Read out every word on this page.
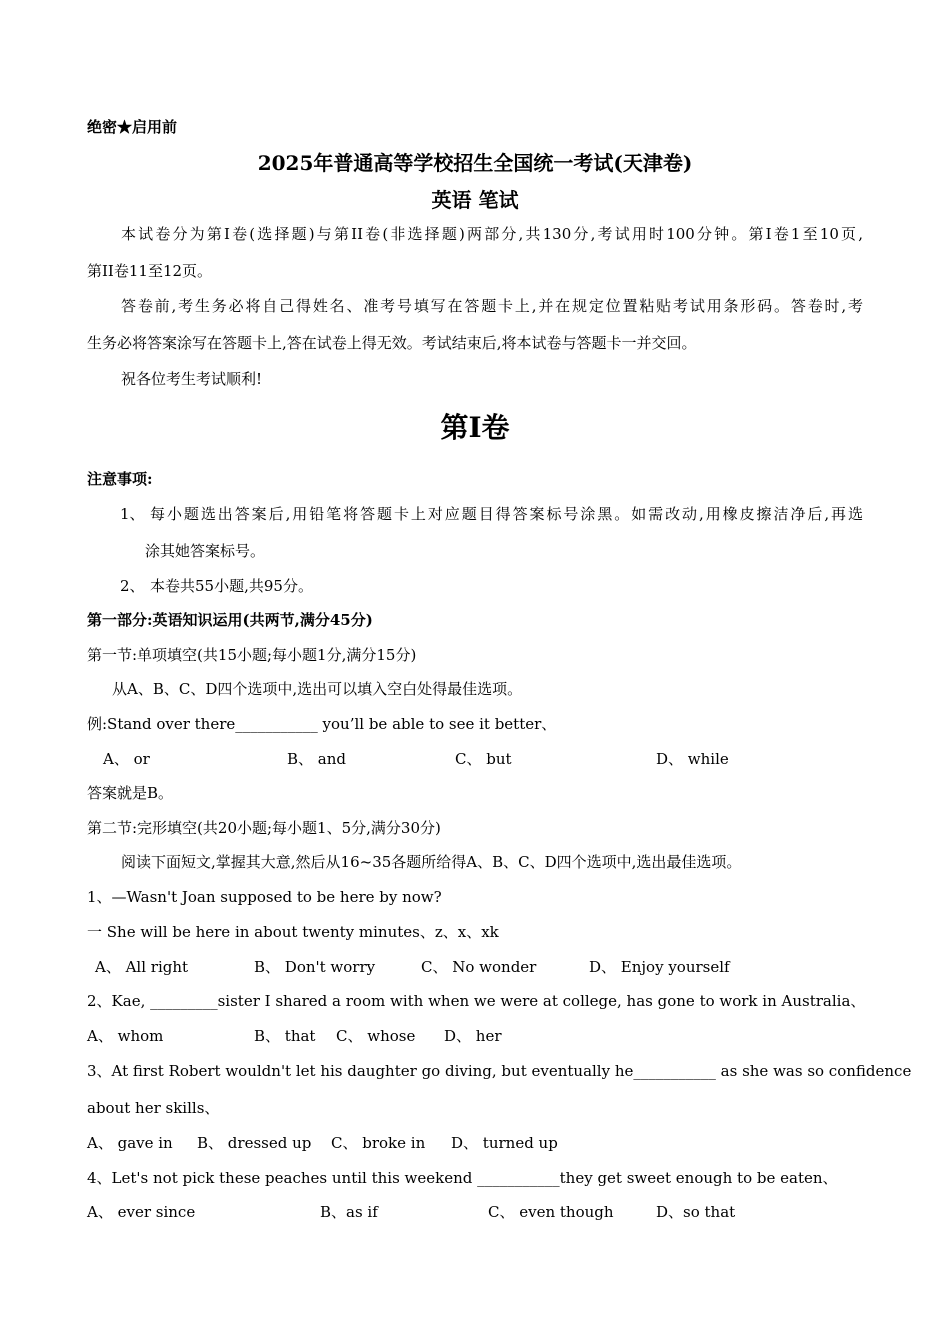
绝密★启用前
2025年普通高等学校招生全国统一考试(天津卷)
英语 笔试
本试卷分为第I卷(选择题)与第II卷(非选择题)两部分,共130分,考试用时100分钟。第I卷1至10页,
第II卷11至12页。
答卷前,考生务必将自己得姓名、准考号填写在答题卡上,并在规定位置粘贴考试用条形码。答卷时,考
生务必将答案涂写在答题卡上,答在试卷上得无效。考试结束后,将本试卷与答题卡一并交回。
祝各位考生考试顺利!
第I卷
注意事项:
1、 每小题选出答案后,用铅笔将答题卡上对应题目得答案标号涂黑。如需改动,用橡皮擦洁净后,再选
涂其她答案标号。
2、 本卷共55小题,共95分。
第一部分:英语知识运用(共两节,满分45分)
第一节:单项填空(共15小题;每小题1分,满分15分)
从A、B、C、D四个选项中,选出可以填入空白处得最佳选项。
例:Stand over there___________ you’ll be able to see it better、
A、 or	B、 and	C、 but	D、 while
答案就是B。
第二节:完形填空(共20小题;每小题1、5分,满分30分)
阅读下面短文,掌握其大意,然后从16~35各题所给得A、B、C、D四个选项中,选出最佳选项。
1、—Wasn't Joan supposed to be here by now?
一 She will be here in about twenty minutes、z、x、xk
A、 All right	B、 Don't worry	C、 No wonder	D、 Enjoy yourself
2、Kae, _________sister I shared a room with when we were at college, has gone to work in Australia、
A、 whom	B、 that C、 whose D、 her
3、At first Robert wouldn't let his daughter go diving, but eventually he___________ as she was so confidence
about her skills、
A、 gave in B、 dressed up C、 broke in D、 turned up
4、Let's not pick these peaches until this weekend ___________they get sweet enough to be eaten、
A、 ever since	B、as if	C、 even though	D、so that
